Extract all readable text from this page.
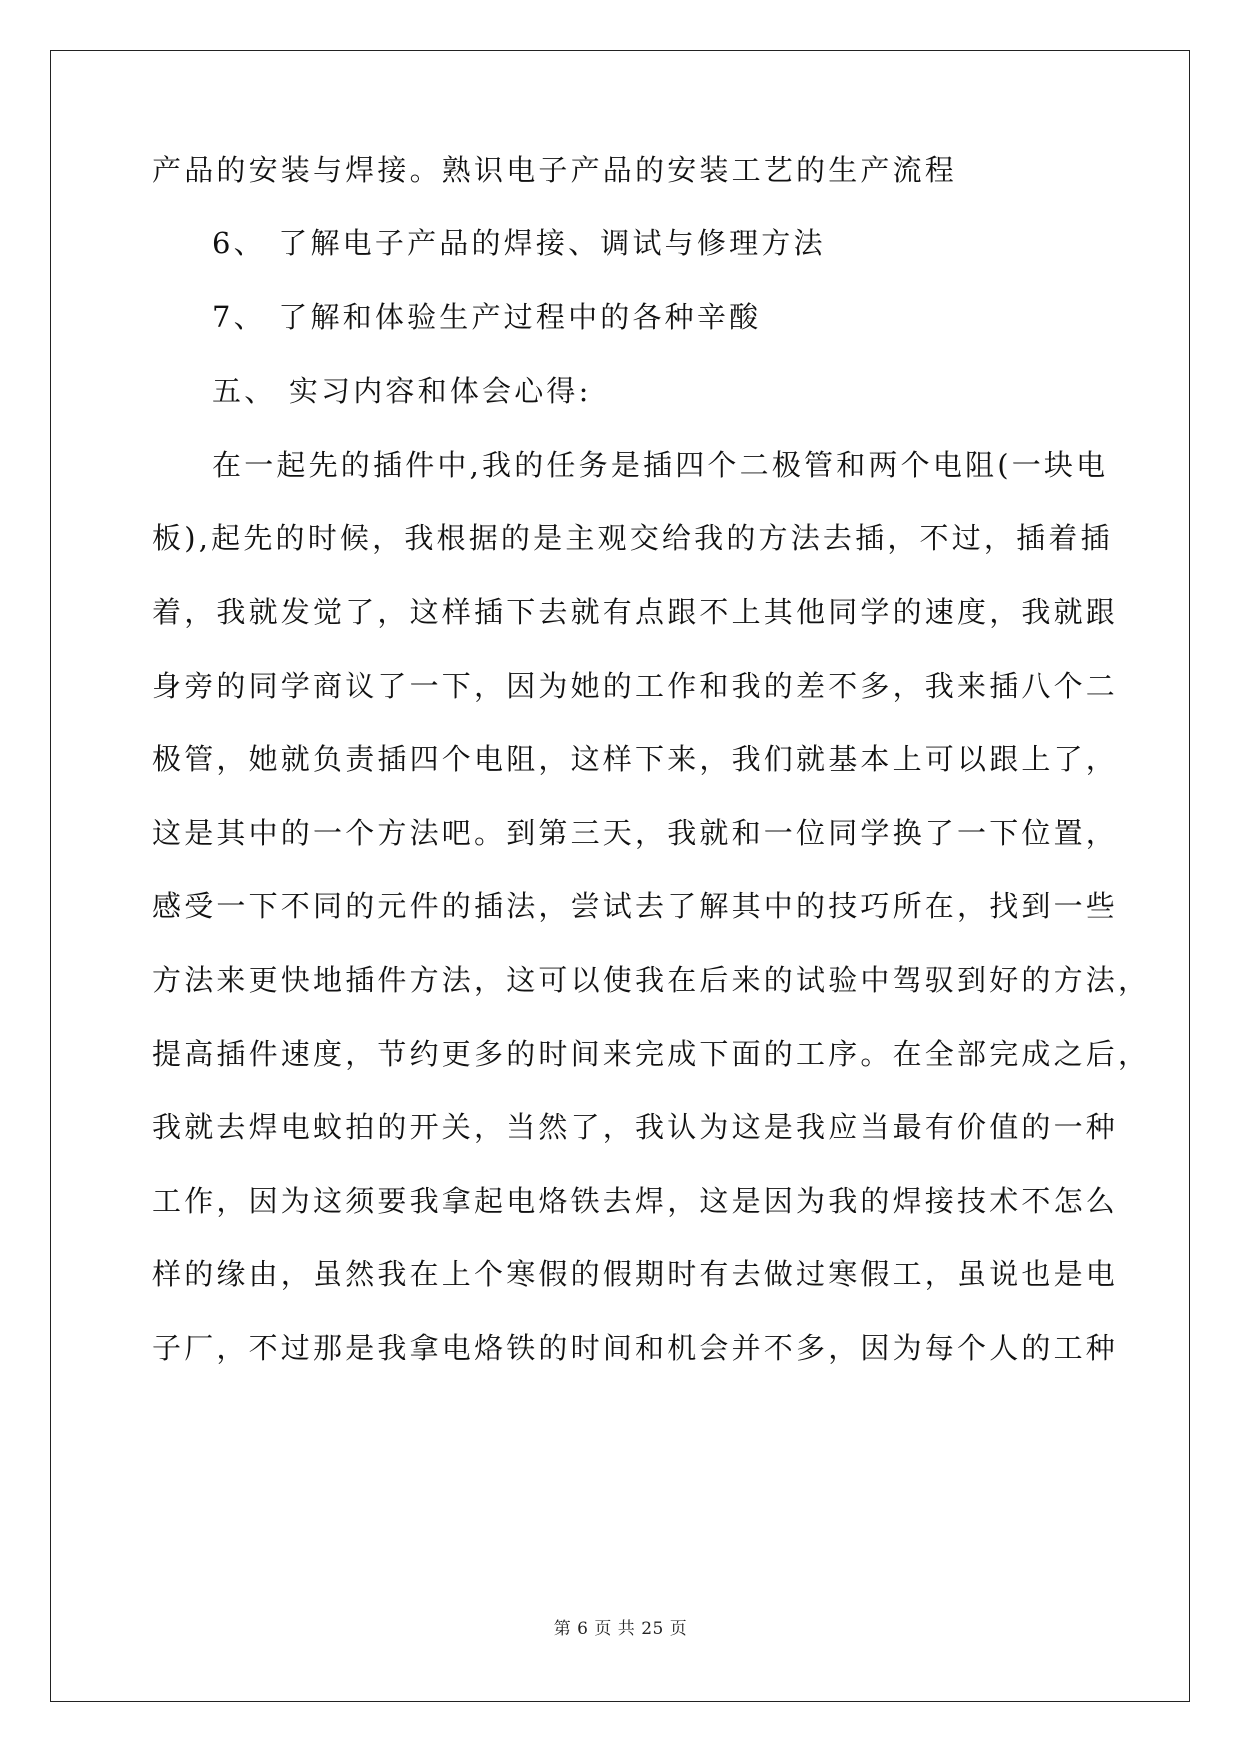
产品的安装与焊接。熟识电子产品的安装工艺的生产流程
6、 了解电子产品的焊接、调试与修理方法
7、 了解和体验生产过程中的各种辛酸
五、 实习内容和体会心得:
在一起先的插件中,我的任务是插四个二极管和两个电阻(一块电
板),起先的时候，我根据的是主观交给我的方法去插，不过，插着插
着，我就发觉了，这样插下去就有点跟不上其他同学的速度，我就跟
身旁的同学商议了一下，因为她的工作和我的差不多，我来插八个二
极管，她就负责插四个电阻，这样下来，我们就基本上可以跟上了，
这是其中的一个方法吧。到第三天，我就和一位同学换了一下位置，
感受一下不同的元件的插法，尝试去了解其中的技巧所在，找到一些
方法来更快地插件方法，这可以使我在后来的试验中驾驭到好的方法，
提高插件速度，节约更多的时间来完成下面的工序。在全部完成之后，
我就去焊电蚊拍的开关，当然了，我认为这是我应当最有价值的一种
工作，因为这须要我拿起电烙铁去焊，这是因为我的焊接技术不怎么
样的缘由，虽然我在上个寒假的假期时有去做过寒假工，虽说也是电
子厂，不过那是我拿电烙铁的时间和机会并不多，因为每个人的工种
第 6 页 共 25 页
